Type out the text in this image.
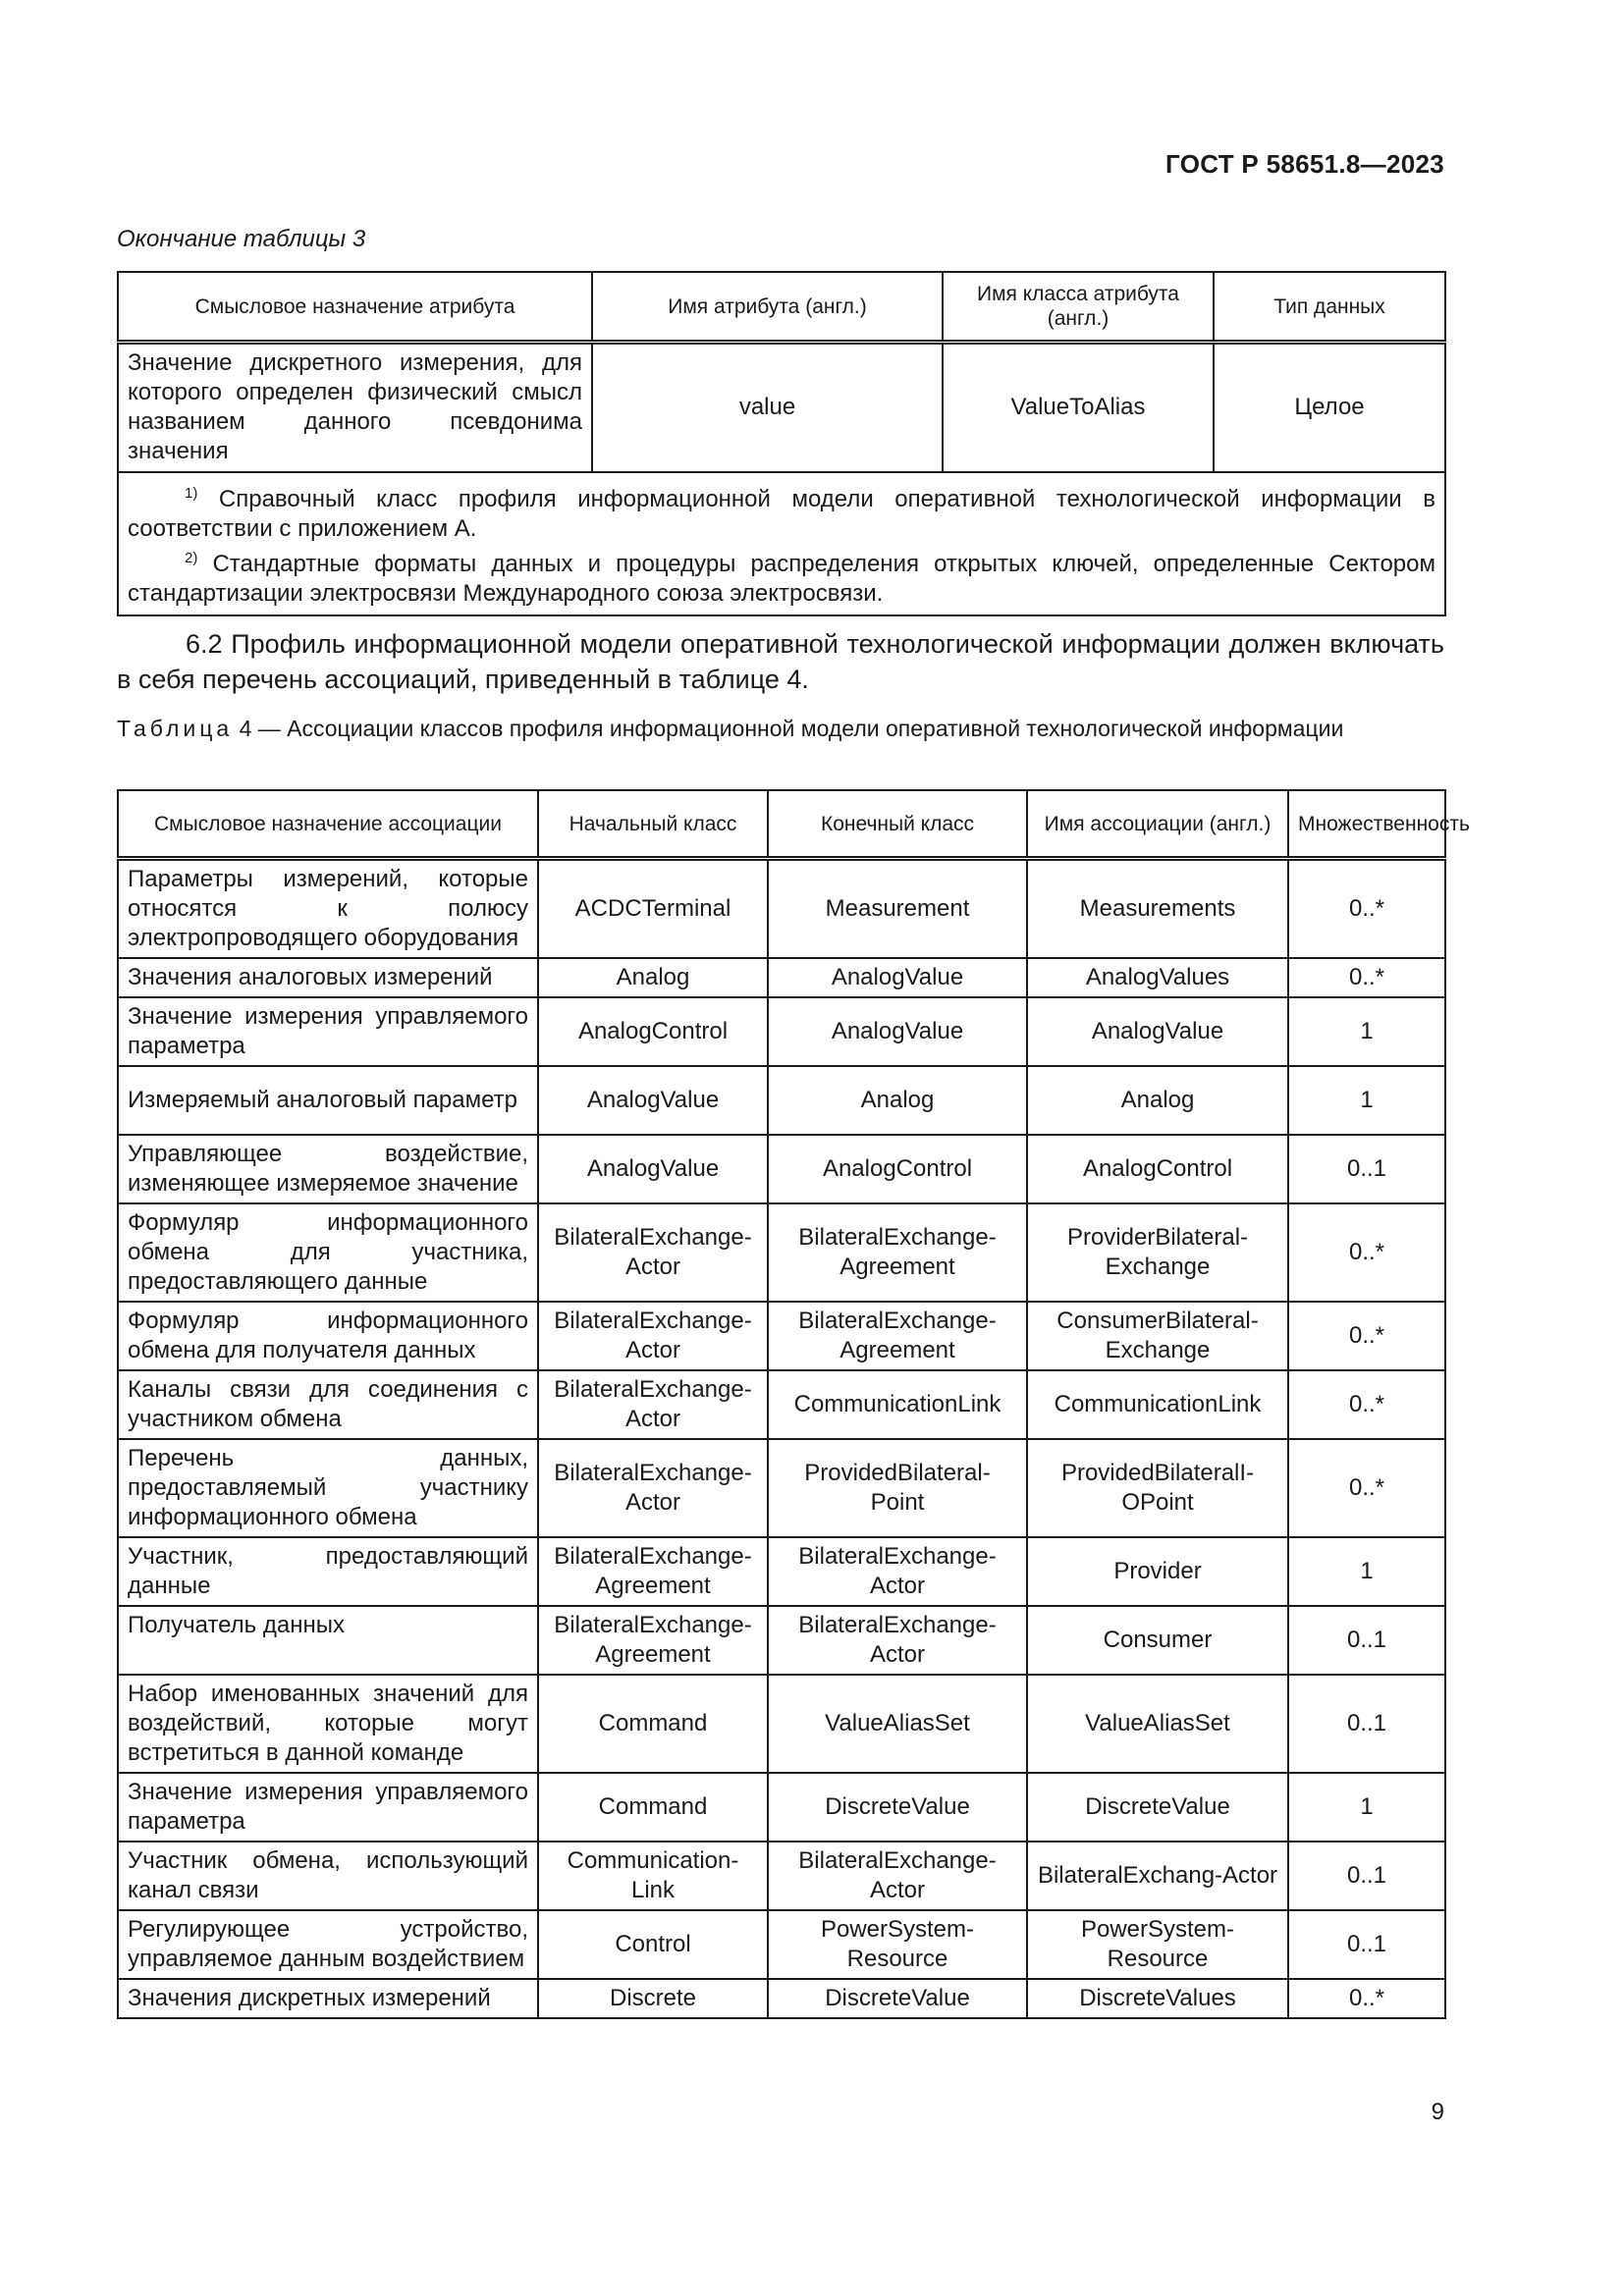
ГОСТ Р 58651.8—2023
Окончание таблицы 3
Смысловое назначение атрибута	Имя атрибута (англ.)	Имя класса атрибута (англ.)	Тип данных
Значение дискретного измерения, для которого определен физический смысл названием данного псевдонима значения	value	ValueToAlias	Целое

$^{1)}$ Справочный класс профиля информационной модели оперативной технологической информации в соответствии с приложением А.

$^{2)}$ Стандартные форматы данных и процедуры распределения открытых ключей, определенные Сектором стандартизации электросвязи Международного союза электросвязи.			

6.2 Профиль информационной модели оперативной технологической информации должен включать в себя перечень ассоциаций, приведенный в таблице 4.
Таблица 4 — Ассоциации классов профиля информационной модели оперативной технологической информации
Смысловое назначение ассоциации	Начальный класс	Конечный класс	Имя ассоциации (англ.)	Множественность
Параметры измерений, которые относятся к полюсу электропроводящего оборудования	ACDCTerminal	Measurement	Measurements	0..*
Значения аналоговых измерений	Analog	AnalogValue	AnalogValues	0..*
Значение измерения управляемого параметра	AnalogControl	AnalogValue	AnalogValue	1
Измеряемый аналоговый параметр	AnalogValue	Analog	Analog	1
Управляющее воздействие, изменяющее измеряемое значение	AnalogValue	AnalogControl	AnalogControl	0..1
Формуляр информационного обмена для участника, предоставляющего данные	BilateralExchange-Actor	BilateralExchange-Agreement	ProviderBilateral-Exchange	0..*
Формуляр информационного обмена для получателя данных	BilateralExchange-Actor	BilateralExchange-Agreement	ConsumerBilateral-Exchange	0..*
Каналы связи для соединения с участником обмена	BilateralExchange-Actor	CommunicationLink	CommunicationLink	0..*
Перечень данных, предоставляемый участнику информационного обмена	BilateralExchange-Actor	ProvidedBilateral-Point	ProvidedBilateralI-OPoint	0..*
Участник, предоставляющий данные	BilateralExchange-Agreement	BilateralExchange-Actor	Provider	1
Получатель данных	BilateralExchange-Agreement	BilateralExchange-Actor	Consumer	0..1
Набор именованных значений для воздействий, которые могут встретиться в данной команде	Command	ValueAliasSet	ValueAliasSet	0..1
Значение измерения управляемого параметра	Command	DiscreteValue	DiscreteValue	1
Участник обмена, использующий канал связи	Communication-Link	BilateralExchange-Actor	BilateralExchang-Actor	0..1
Регулирующее устройство, управляемое данным воздействием	Control	PowerSystem-Resource	PowerSystem-Resource	0..1
Значения дискретных измерений	Discrete	DiscreteValue	DiscreteValues	0..*
9
